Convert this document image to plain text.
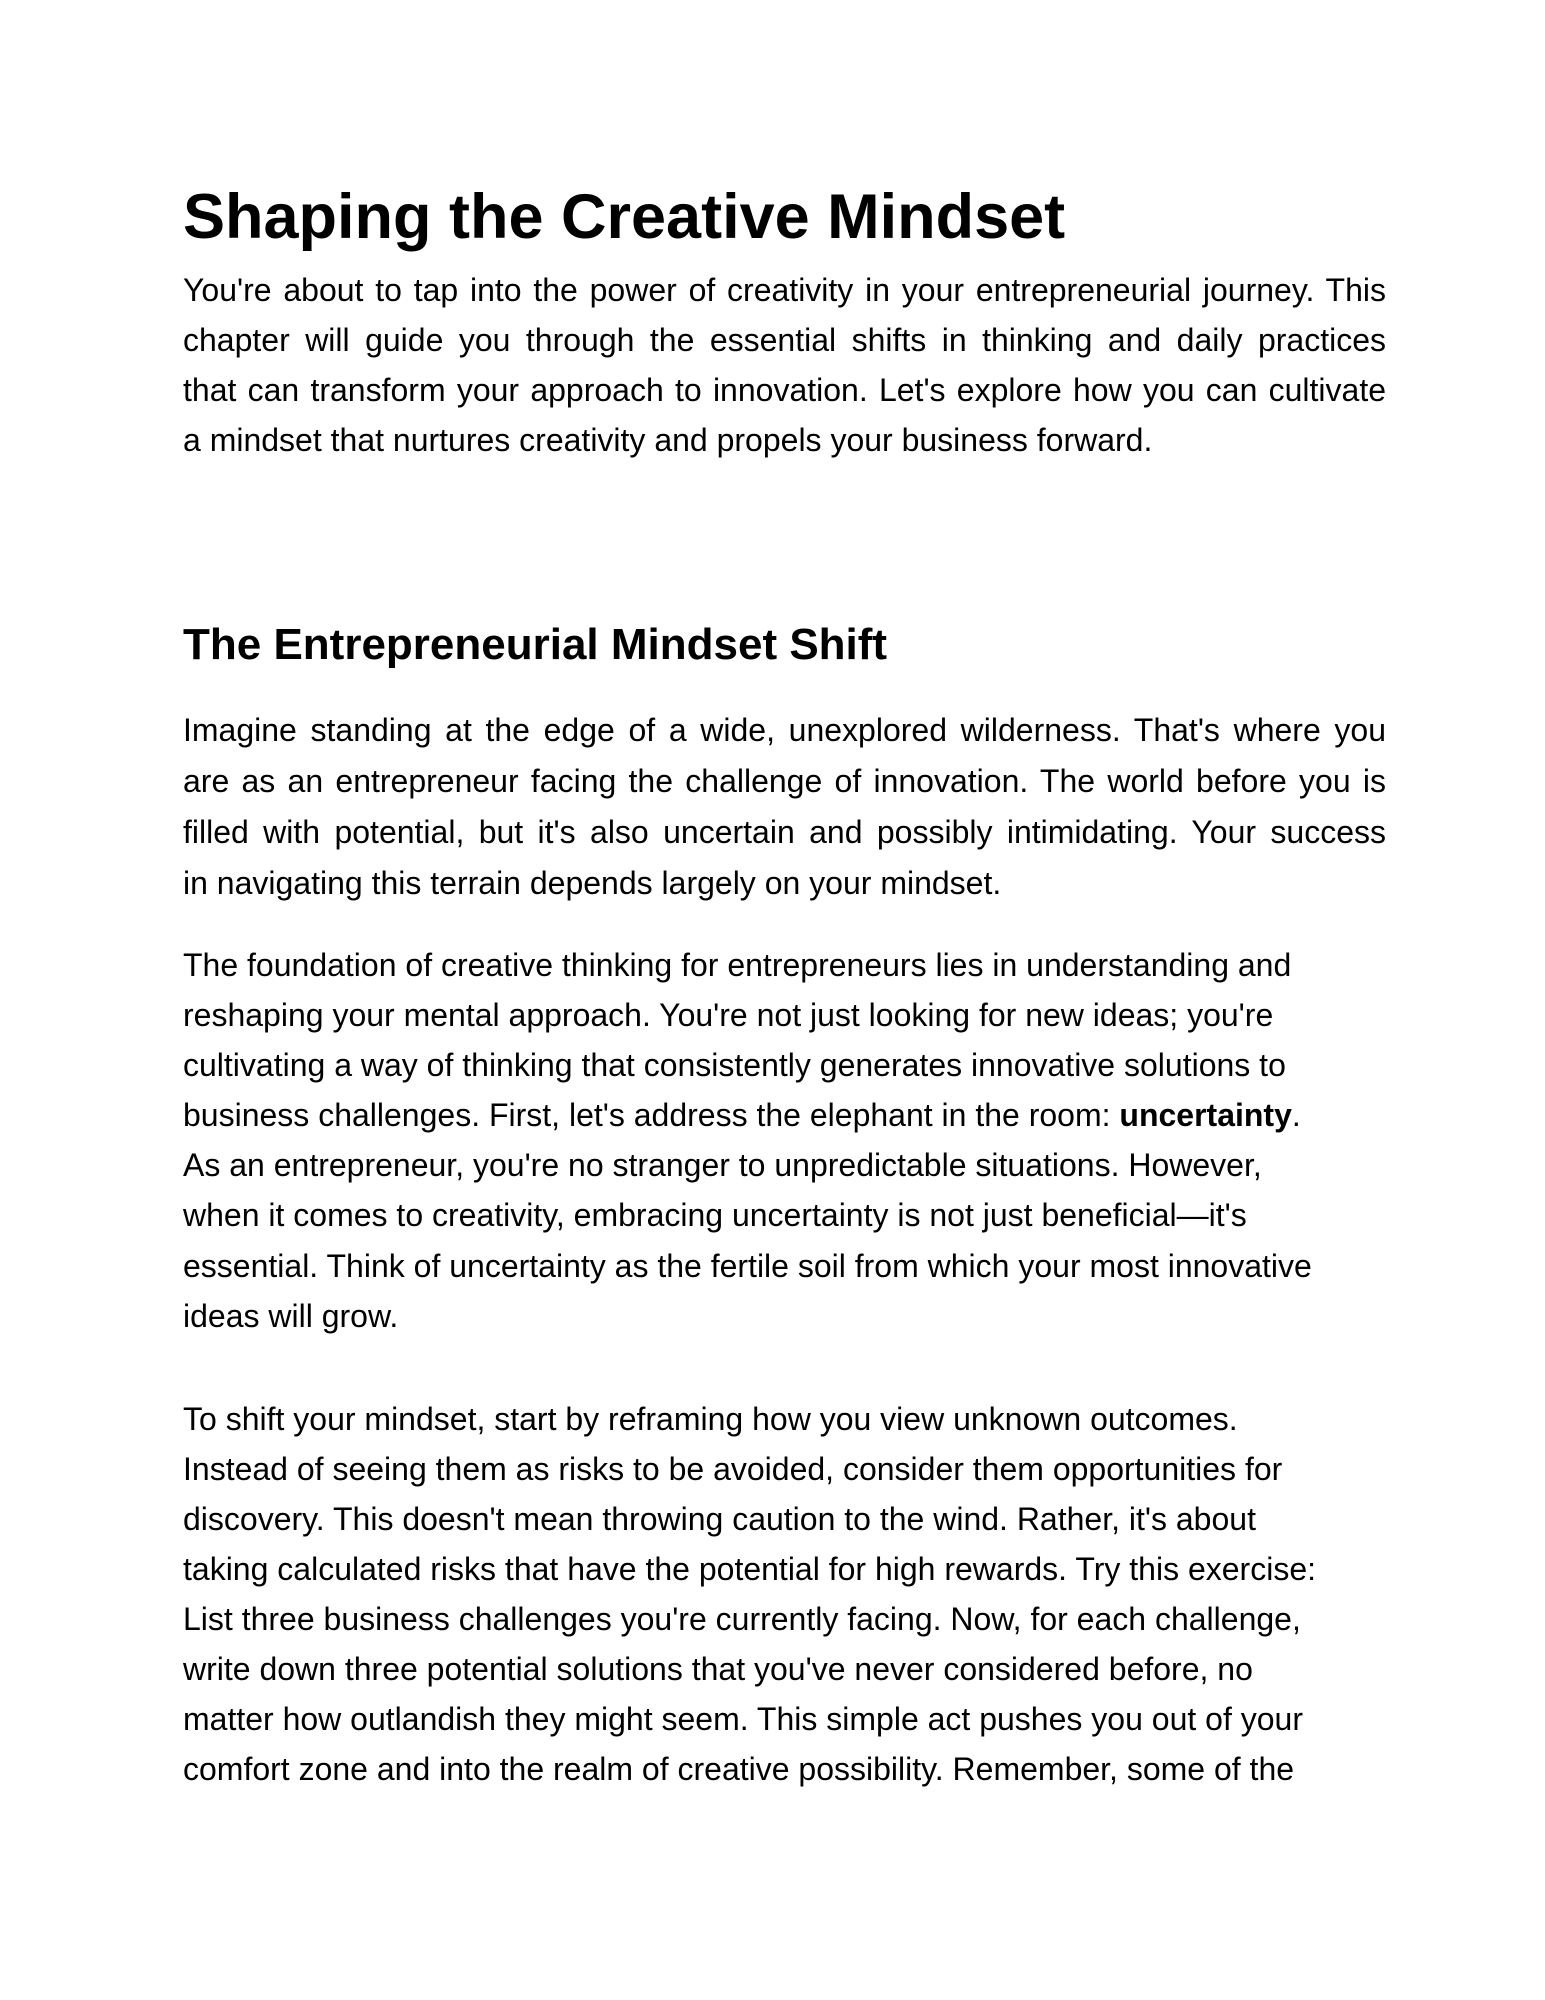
Shaping the Creative Mindset

You're about to tap into the power of creativity in your entrepreneurial journey. This
chapter will guide you through the essential shifts in thinking and daily practices
that can transform your approach to innovation. Let's explore how you can cultivate
a mindset that nurtures creativity and propels your business forward.

The Entrepreneurial Mindset Shift

Imagine standing at the edge of a wide, unexplored wilderness. That's where you
are as an entrepreneur facing the challenge of innovation. The world before you is
filled with potential, but it's also uncertain and possibly intimidating. Your success
in navigating this terrain depends largely on your mindset.

The foundation of creative thinking for entrepreneurs lies in understanding and
reshaping your mental approach. You're not just looking for new ideas; you're
cultivating a way of thinking that consistently generates innovative solutions to
business challenges. First, let's address the elephant in the room: uncertainty.
As an entrepreneur, you're no stranger to unpredictable situations. However,
when it comes to creativity, embracing uncertainty is not just beneficial—it's
essential. Think of uncertainty as the fertile soil from which your most innovative
ideas will grow.

To shift your mindset, start by reframing how you view unknown outcomes.
Instead of seeing them as risks to be avoided, consider them opportunities for
discovery. This doesn't mean throwing caution to the wind. Rather, it's about
taking calculated risks that have the potential for high rewards. Try this exercise:
List three business challenges you're currently facing. Now, for each challenge,
write down three potential solutions that you've never considered before, no
matter how outlandish they might seem. This simple act pushes you out of your
comfort zone and into the realm of creative possibility. Remember, some of the
